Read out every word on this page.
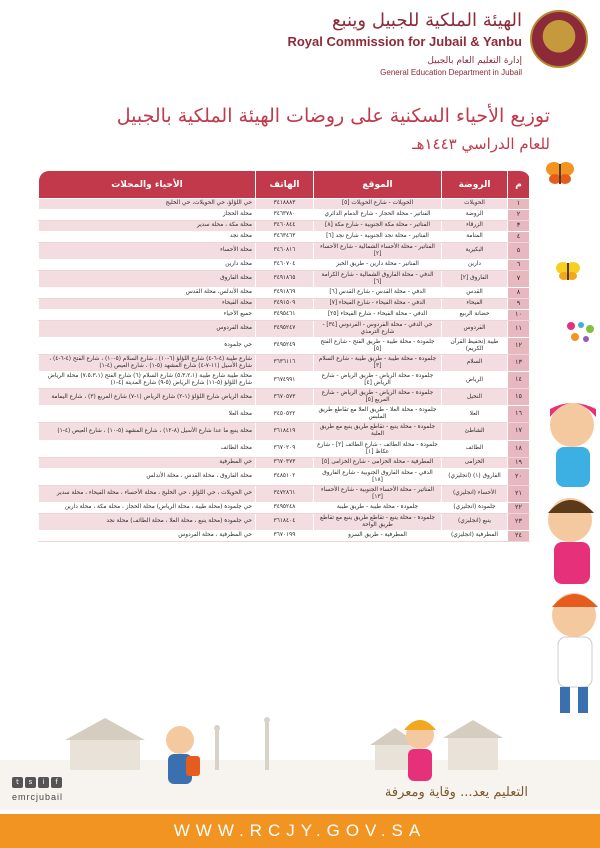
الهيئة الملكية للجبيل وينبع
Royal Commission for Jubail & Yanbu
إدارة التعليم العام بالجبيل
General Education Department in Jubail
توزيع الأحياء السكنية على روضات الهيئة الملكية بالجبيل
للعام الدراسي ١٤٤٣هـ
م	الروضة	الموقع	الهاتف	الأحياء والمحلات
١	الحويلات	الحويلات - شارع الحويلات [٥]	٣٤١٨٨٨٣	حي اللؤلؤ، حي الحويلات، حي الخليج
٢	الروضة	الفناتير - محلة الحجاز - شارع الدمام الدائري	٣٤٦٣٧٨٠	محلة الحجاز
٣	الزرقاء	الفناتير - محلة مكة الجنوبية - شارع مكة [٨]	٣٤٦٠٨٤٤	محلة مكة ، محلة سدير
٤	المنامة	الفناتير - محلة نجد الجنوبية - شارع نجد [٦]	٣٤٦٣٤٦٣	محلة نجد
٥	البكيرية	الفناتير - محلة الأحساء الشمالية - شارع الأحساء [٢]	٣٤٦٠٨١٦	محلة الأحساء
٦	دارين	الفناتير - محلة دارين - طريق الخبر	٣٤٦٠٧٠٤	محلة دارين
٧	الفاروق [٢]	الدفي - محلة الفاروق الشمالية - شارع الكرامة [٦]	٣٤٩١٨٦٥	محلة الفاروق
٨	القدس	الدفي - محلة القدس - شارع القدس [٦]	٣٤٩١٨٦٩	محلة الأندلس، محلة القدس
٩	الفيحاء	الدفي - محلة الفيحاء - شارع الفيحاء [٧]	٣٤٩١٥٠٩	محلة الفيحاء
١٠	حضانة الربيع	الدفي - محلة الفيحاء - شارع الفيحاء [٢٥]	٣٤٩٥٤٦١	جميع الأحياء
١١	الفردوس	حي الدفي - محلة الفردوس - الفردوس [٣٤] - شارع الترمذي	٣٤٩٥٢٤٧	محلة الفردوس
١٢	طيبة (تحفيظ القرآن الكريم)	جلمودة - محلة طيبة - طريق الفتح - شارع الفتح [٥]	٣٤٩٥٢٤٩	حي جلمودة
١٣	السلام	جلمودة - محلة طيبة - طريق طيبة - شارع السلام [٣]	٣٦٣٦١١٦	شارع طيبة (٤-٦-٤) شارع اللؤلؤ (٦-١٠) ، شارع السلام (٥-١٠) ، شارع الفتح (٤-٦-٤) ، شارع الأسيل (١١-٧-٤) شارع المشهد (٥-١) ، شارع العيص (٤-١)
١٤	الرياض	جلمودة - محلة الرياض - طريق الرياض - شارع الرياض [٤]	٣٦٧٤٩٩١	محلة طيبة شارع طيبة (٥،٣،٢،١) شارع السلام (٦) شارع الفتح (٧،٥،٣،١) محلة الرياض شارع اللؤلؤ (٥-١١) شارع الرياض (٥-٩) شارع المدينة (٤-١)
١٥	النخيل	جلمودة - محلة الرياض - طريق الرياض - شارع المربع [٥]	٣٦٧٠٥٧٣	محلة الرياض شارع اللؤلؤ (١-٢) شارع الرياض (١-٧) شارع المربع (٣) ، شارع اليمامة
١٦	العلا	جلمودة - محلة العلا - طريق العلا مع تقاطع طريق الملبس	٣٤٥٠٥٢٢	محلة العلا
١٧	الشاطئ	جلمودة - محلة ينبع - تقاطع طريق ينبع مع طريق العلبة	٣٦١٨٤١٩	محلة ينبع ما عدا شارع الأسيل (٨-١٢) ، شارع المشهد (٥-١٠) ، شارع العيص (٤-١)
١٨	الطائف	جلمودة - محلة الطائف - شارع الطائف [٢] - شارع عكاظ [١]	٣٦٧٠٢٠٩	محلة الطائف
١٩	الخزامى	المطرفية - محلة الخزامى - شارع الخزامى [٥]	٣٦٧٠٣٧٣	حي المطرفية
٢٠	الفاروق (١) (انجليزي)	الدفي - محلة الفاروق الجنوبية - شارع الفاروق [١٨]	٣٤٨٥١٠٢	محلة الفاروق ، محلة القدس ، محلة الأندلس
٢١	الأحساء (انجليزي)	الفناتير - محلة الأحساء الجنوبية - شارع الأحساء [١٣]	٣٤٧٢٨٦١	حي الحويلات ، حي اللؤلؤ ، حي الخليج ، محلة الأحساء ، محلة الفيحاء ، محلة سدير
٢٢	جلمودة (انجليزي)	جلمودة - محلة طيبة - طريق طيبة	٣٤٩٥٢٤٨	حي جلمودة (محلة طيبة ، محلة الرياض) محلة الحجاز ، محلة مكة ، محلة دارين
٢٣	ينبع (انجليزي)	جلمودة - محلة ينبع - تقاطع طريق ينبع مع تقاطع طريق الواحة	٣٦١٨٤٠٤	حي جلمودة (محلة ينبع ، محلة العلا ، محلة الطائف) محلة نجد
٢٤	المطرفية (انجليزي)	المطرفية - طريق السرو	٣٦٧٠١٩٩	حي المطرفية ، محلة الفردوس
t	s	i	f
emrcjubail	التعليم يعد... وقاية ومعرفة
WWW.RCJY.GOV.SA
